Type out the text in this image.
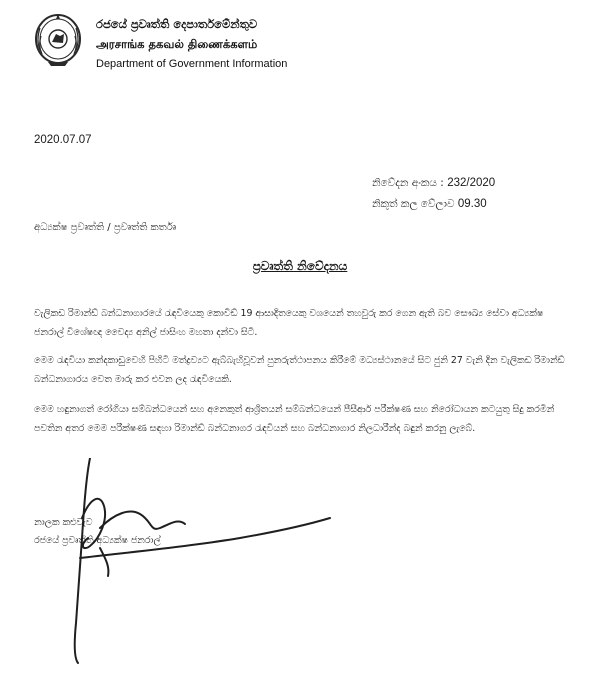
රජයේ ප්‍රවෘත්ති දෙපාර්තමේන්තුව
அரசாங்க தகவல் திணைக்களம்
Department of Government Information
2020.07.07
නිවේදන අංකය : 232/2020
නිකුත් කල වේලාව 09.30
අධ්‍යක්ෂ ප්‍රවෘත්ති / ප්‍රවෘත්ති කර්තෘ
ප්‍රවෘත්ති නිවේදනය
වැලිකඩ රිමාන්ඩ් බන්ධනාගාරයේ රැඳවියෙකු කොවිඩ් 19 ආසාදිතයෙකු වශයෙන් තහවුරු කර ගෙන ඇති බව සෞඛ්‍ය සේවා අධ්‍යක්ෂ ජනරාල් විශේෂඥ වෛද්‍ය අනිල් ජාසිංහ මහතා දන්වා සිටී.
මෙම රැඳවියා කන්දකාඩුවෙහි පිහිටි මත්ද්‍රව්‍යට ඇබ්බැහිවූවන් පුනරුත්ථාපනය කිරීමේ මධ්‍යස්ථානයේ සිට ජුනි 27 වැනි දින වැලිකඩ රිමාන්ඩ් බන්ධනාගාරය වෙත මාරු කර එවන ලද රැඳවියෙකි.
මෙම හඳුනාගත් රෝගියා සම්බන්ධයෙන් සහ අනෙකුත් ආශ්‍රිතයන් සම්බන්ධයෙන් පීසීආර් පරීක්ෂණ සහ නිරෝධායන කටයුතු සිදු කරමින් පවතින අතර මෙම පරීක්ෂණ සඳහා රිමාන්ඩ් බන්ධනාගර රැඳවියන් සහ බන්ධනාගාර නිලධාරීන්ද බඳුන් කරනු ලැබේ.
නාලක කළුවැව
රජයේ ප්‍රවෘත්ති අධ්‍යක්ෂ ජනරාල්
